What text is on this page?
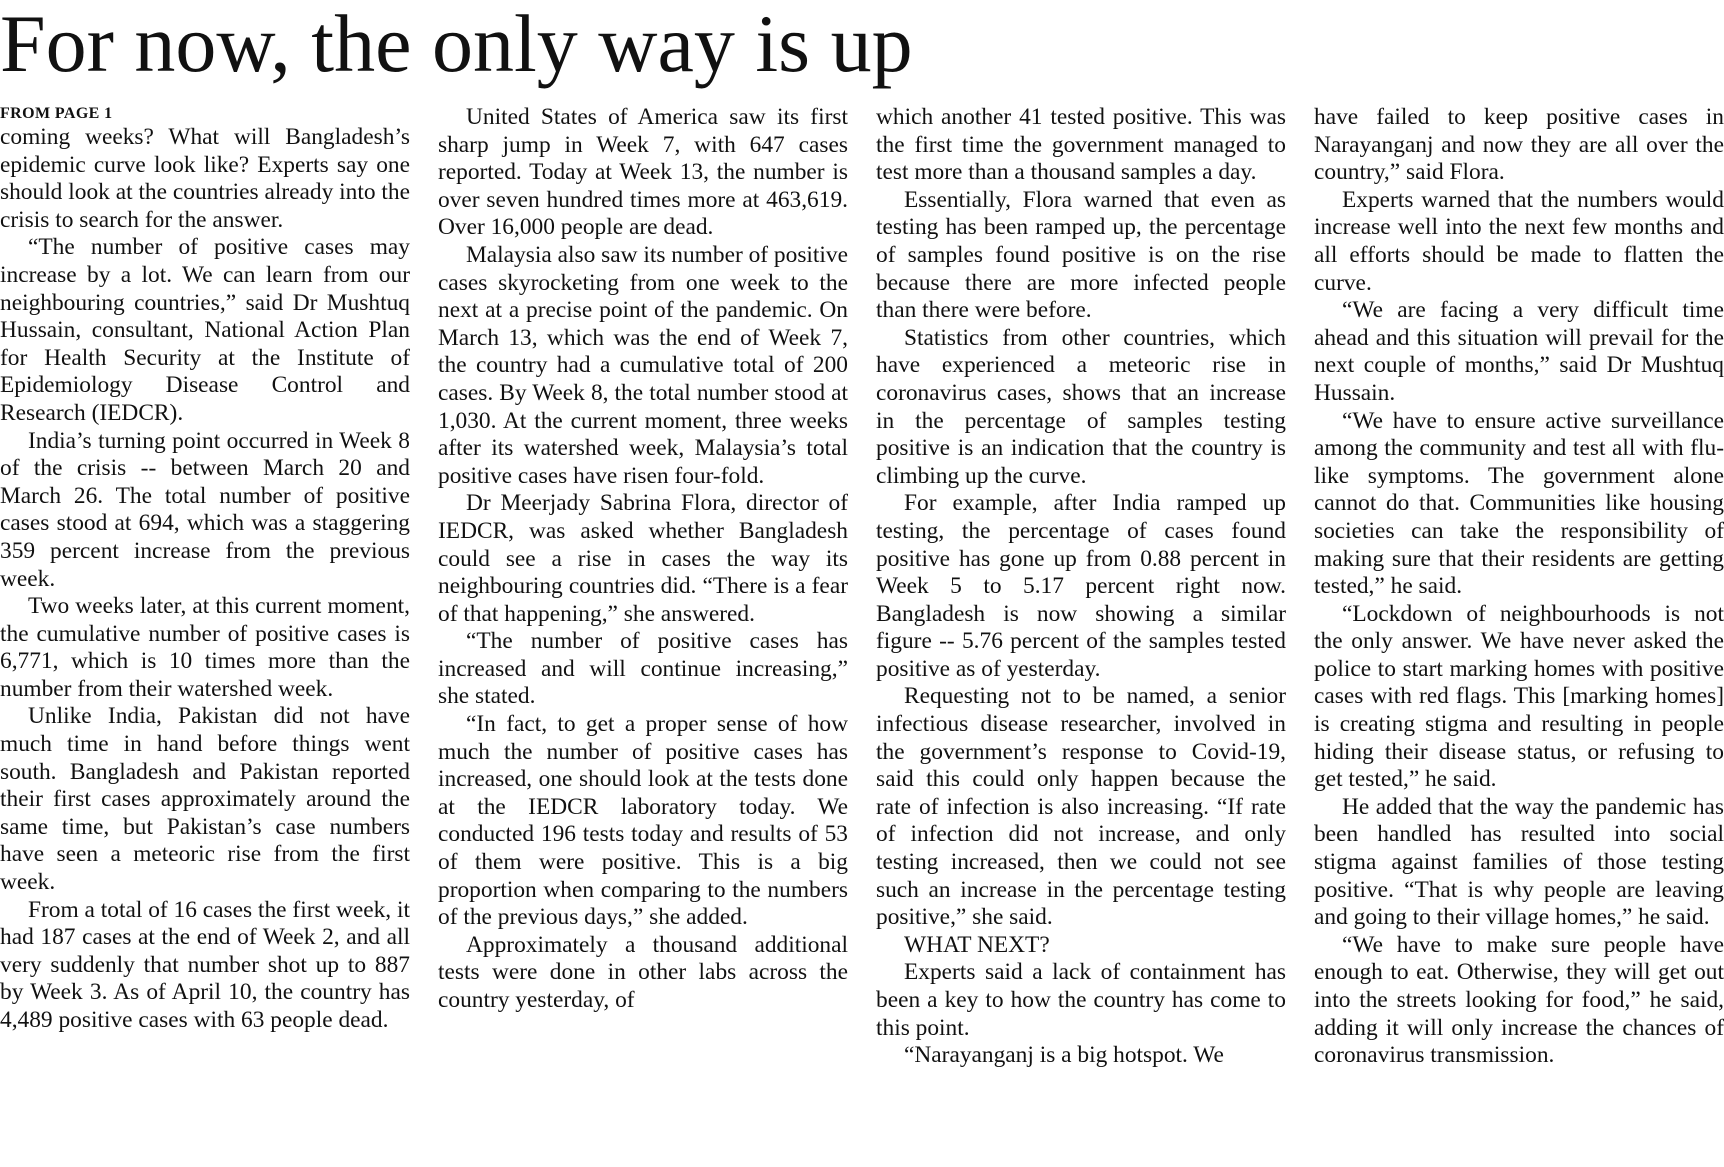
For now, the only way is up

FROM PAGE 1

coming weeks? What will Bangladesh’s epidemic curve look like? Experts say one should look at the countries already into the crisis to search for the answer.

“The number of positive cases may increase by a lot. We can learn from our neighbouring countries,” said Dr Mushtuq Hussain, consultant, National Action Plan for Health Security at the Institute of Epidemiology Disease Control and Research (IEDCR).

India’s turning point occurred in Week 8 of the crisis -- between March 20 and March 26. The total number of positive cases stood at 694, which was a staggering 359 percent increase from the previous week.

Two weeks later, at this current moment, the cumulative number of positive cases is 6,771, which is 10 times more than the number from their watershed week.

Unlike India, Pakistan did not have much time in hand before things went south. Bangladesh and Pakistan reported their first cases approximately around the same time, but Pakistan’s case numbers have seen a meteoric rise from the first week.

From a total of 16 cases the first week, it had 187 cases at the end of Week 2, and all very suddenly that number shot up to 887 by Week 3. As of April 10, the country has 4,489 positive cases with 63 people dead.

United States of America saw its first sharp jump in Week 7, with 647 cases reported. Today at Week 13, the number is over seven hundred times more at 463,619. Over 16,000 people are dead.

Malaysia also saw its number of positive cases skyrocketing from one week to the next at a precise point of the pandemic. On March 13, which was the end of Week 7, the country had a cumulative total of 200 cases. By Week 8, the total number stood at 1,030. At the current moment, three weeks after its watershed week, Malaysia’s total positive cases have risen four-fold.

Dr Meerjady Sabrina Flora, director of IEDCR, was asked whether Bangladesh could see a rise in cases the way its neighbouring countries did. “There is a fear of that happening,” she answered.

“The number of positive cases has increased and will continue increasing,” she stated.

“In fact, to get a proper sense of how much the number of positive cases has increased, one should look at the tests done at the IEDCR laboratory today. We conducted 196 tests today and results of 53 of them were positive. This is a big proportion when comparing to the numbers of the previous days,” she added.

Approximately a thousand additional tests were done in other labs across the country yesterday, of

which another 41 tested positive. This was the first time the government managed to test more than a thousand samples a day.

Essentially, Flora warned that even as testing has been ramped up, the percentage of samples found positive is on the rise because there are more infected people than there were before.

Statistics from other countries, which have experienced a meteoric rise in coronavirus cases, shows that an increase in the percentage of samples testing positive is an indication that the country is climbing up the curve.

For example, after India ramped up testing, the percentage of cases found positive has gone up from 0.88 percent in Week 5 to 5.17 percent right now. Bangladesh is now showing a similar figure -- 5.76 percent of the samples tested positive as of yesterday.

Requesting not to be named, a senior infectious disease researcher, involved in the government’s response to Covid-19, said this could only happen because the rate of infection is also increasing. “If rate of infection did not increase, and only testing increased, then we could not see such an increase in the percentage testing positive,” she said.

WHAT NEXT?

Experts said a lack of containment has been a key to how the country has come to this point.

“Narayanganj is a big hotspot. We

have failed to keep positive cases in Narayanganj and now they are all over the country,” said Flora.

Experts warned that the numbers would increase well into the next few months and all efforts should be made to flatten the curve.

“We are facing a very difficult time ahead and this situation will prevail for the next couple of months,” said Dr Mushtuq Hussain.

“We have to ensure active surveillance among the community and test all with flu-like symptoms. The government alone cannot do that. Communities like housing societies can take the responsibility of making sure that their residents are getting tested,” he said.

“Lockdown of neighbourhoods is not the only answer. We have never asked the police to start marking homes with positive cases with red flags. This [marking homes] is creating stigma and resulting in people hiding their disease status, or refusing to get tested,” he said.

He added that the way the pandemic has been handled has resulted into social stigma against families of those testing positive. “That is why people are leaving and going to their village homes,” he said.

“We have to make sure people have enough to eat. Otherwise, they will get out into the streets looking for food,” he said, adding it will only increase the chances of coronavirus transmission.
